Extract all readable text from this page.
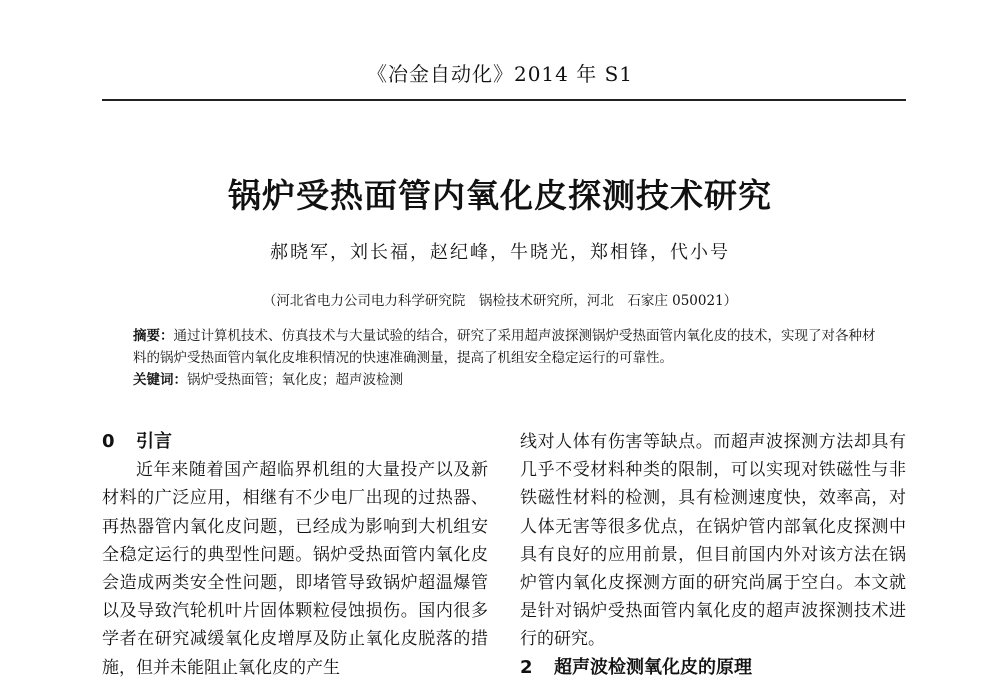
《冶金自动化》2014 年 S1
锅炉受热面管内氧化皮探测技术研究
郝晓军，刘长福，赵纪峰，牛晓光，郑相锋，代小号
（河北省电力公司电力科学研究院　锅检技术研究所，河北　石家庄 050021）

摘要：通过计算机技术、仿真技术与大量试验的结合，研究了采用超声波探测锅炉受热面管内氧化皮的技术，实现了对各种材料的锅炉受热面管内氧化皮堆积情况的快速准确测量，提高了机组安全稳定运行的可靠性。

关键词：锅炉受热面管；氧化皮；超声波检测

0 引言

近年来随着国产超临界机组的大量投产以及新材料的广泛应用，相继有不少电厂出现的过热器、再热器管内氧化皮问题，已经成为影响到大机组安全稳定运行的典型性问题。锅炉受热面管内氧化皮会造成两类安全性问题，即堵管导致锅炉超温爆管以及导致汽轮机叶片固体颗粒侵蚀损伤。国内很多学者在研究减缓氧化皮增厚及防止氧化皮脱落的措施，但并未能阻止氧化皮的产生

线对人体有伤害等缺点。而超声波探测方法却具有几乎不受材料种类的限制，可以实现对铁磁性与非铁磁性材料的检测，具有检测速度快，效率高，对人体无害等很多优点，在锅炉管内部氧化皮探测中具有良好的应用前景，但目前国内外对该方法在锅炉管内氧化皮探测方面的研究尚属于空白。本文就是针对锅炉受热面管内氧化皮的超声波探测技术进行的研究。

2 超声波检测氧化皮的原理
